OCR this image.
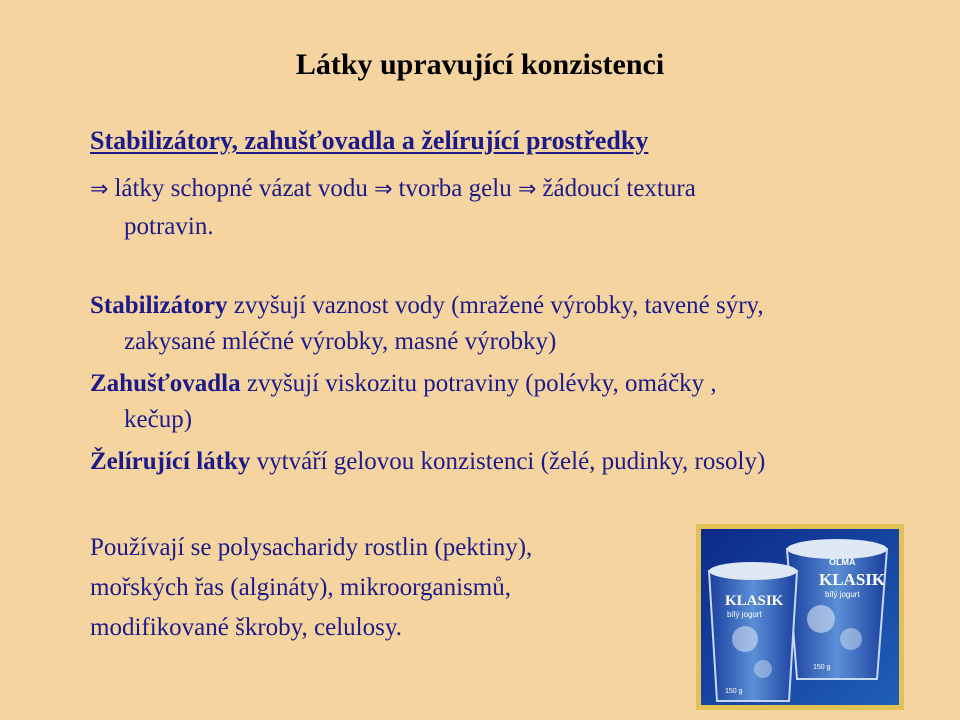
Látky upravující konzistenci
Stabilizátory, zahušťovadla a želírující prostředky
⇒ látky schopné vázat vodu ⇒ tvorba gelu ⇒ žádoucí textura
potravin.
Stabilizátory zvyšují vaznost vody (mražené výrobky, tavené sýry,
zakysané mléčné výrobky, masné výrobky)
Zahušťovadla zvyšují viskozitu potraviny (polévky, omáčky ,
kečup)
Želírující látky vytváří gelovou konzistenci (želé, pudinky, rosoly)
Používají se polysacharidy rostlin (pektiny),
mořských řas (algináty), mikroorganismů,
modifikované škroby, celulosy.
OLMA
KLASIK
bílý jogurt
KLASIK
bílý jogurt
150 g
150 g
